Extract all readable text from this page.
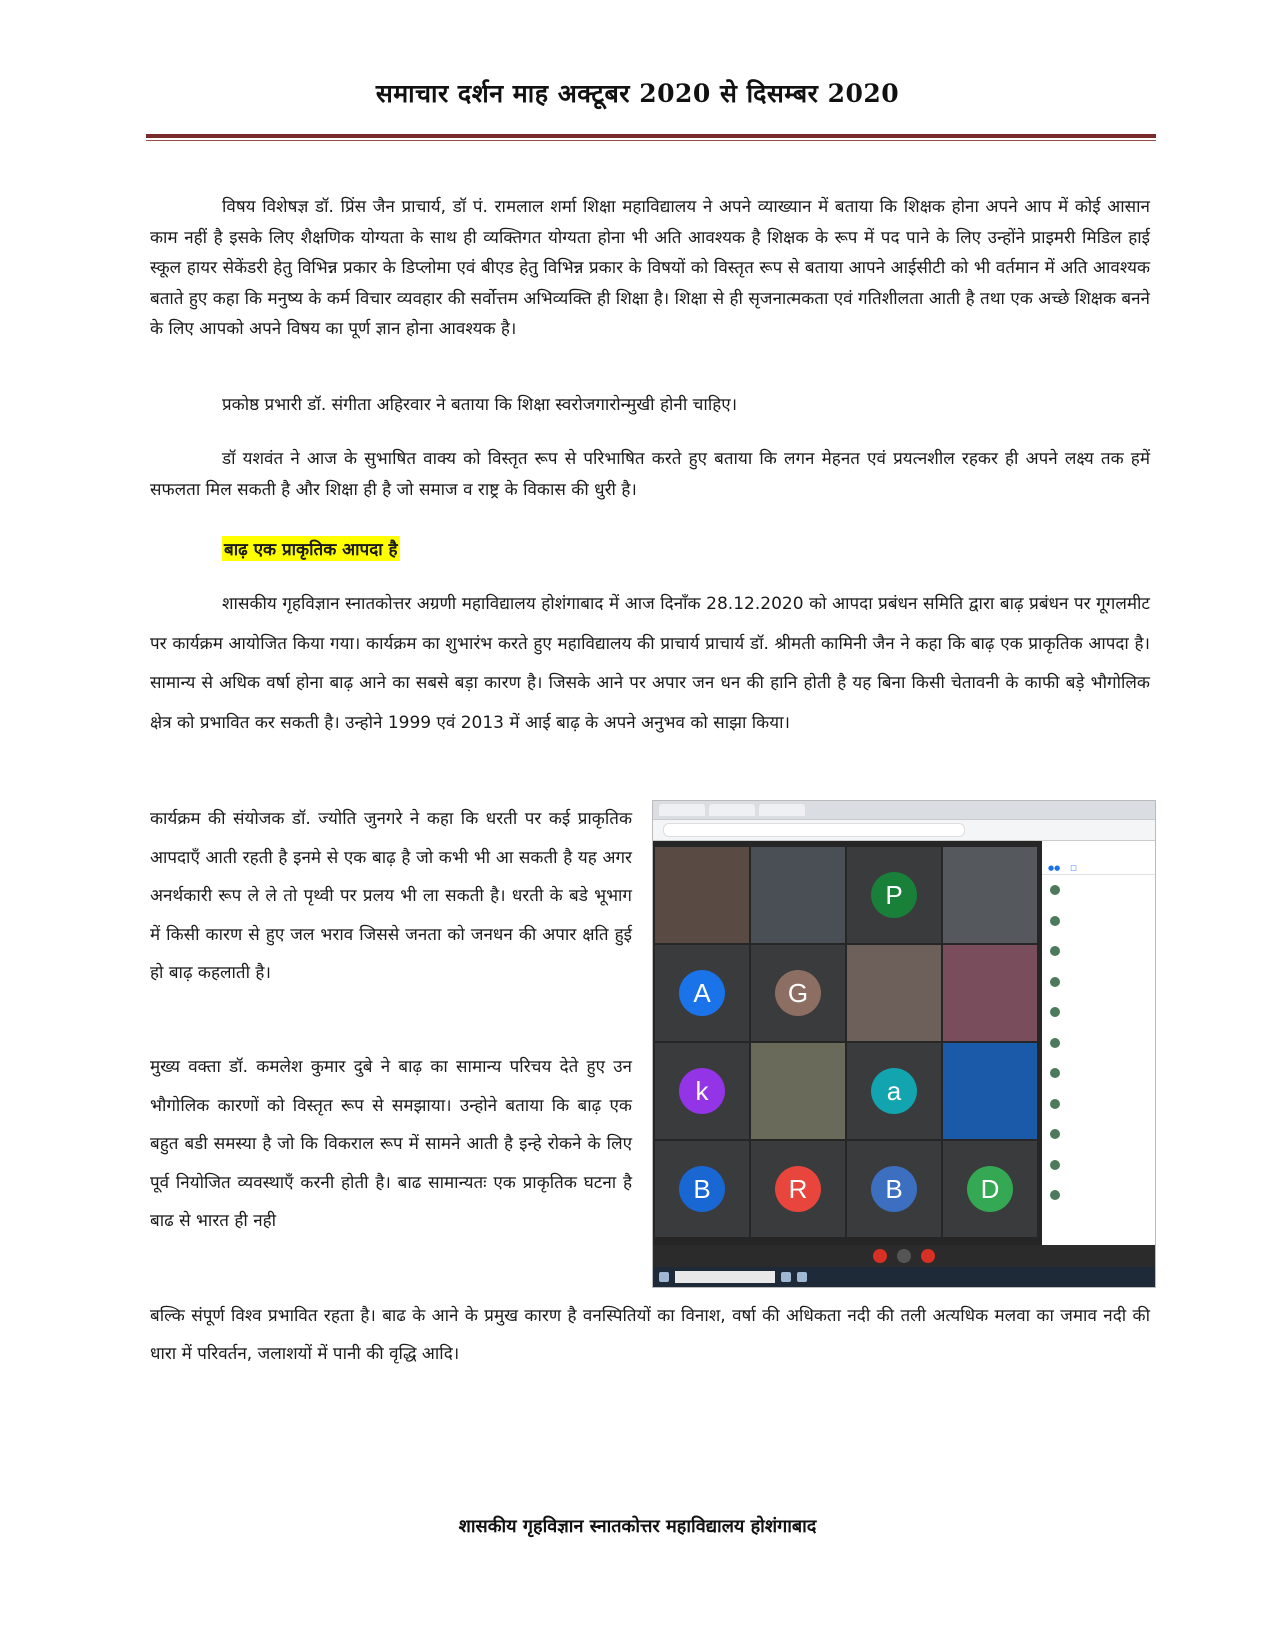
समाचार दर्शन माह अक्टूबर 2020 से दिसम्बर 2020

विषय विशेषज्ञ डॉ. प्रिंस जैन प्राचार्य, डॉ पं. रामलाल शर्मा शिक्षा महाविद्यालय ने अपने व्याख्यान में बताया कि शिक्षक होना अपने आप में कोई आसान काम नहीं है इसके लिए शैक्षणिक योग्यता के साथ ही व्यक्तिगत योग्यता होना भी अति आवश्यक है शिक्षक के रूप में पद पाने के लिए उन्होंने प्राइमरी मिडिल हाई स्कूल हायर सेकेंडरी हेतु विभिन्न प्रकार के डिप्लोमा एवं बीएड हेतु विभिन्न प्रकार के विषयों को विस्तृत रूप से बताया आपने आईसीटी को भी वर्तमान में अति आवश्यक बताते हुए कहा कि मनुष्य के कर्म विचार व्यवहार की सर्वोत्तम अभिव्यक्ति ही शिक्षा है। शिक्षा से ही सृजनात्मकता एवं गतिशीलता आती है तथा एक अच्छे शिक्षक बनने के लिए आपको अपने विषय का पूर्ण ज्ञान होना आवश्यक है।

प्रकोष्ठ प्रभारी डॉ. संगीता अहिरवार ने बताया कि शिक्षा स्वरोजगारोन्मुखी होनी चाहिए।

डॉ यशवंत ने आज के सुभाषित वाक्य को विस्तृत रूप से परिभाषित करते हुए बताया कि लगन मेहनत एवं प्रयत्नशील रहकर ही अपने लक्ष्य तक हमें सफलता मिल सकती है और शिक्षा ही है जो समाज व राष्ट्र के विकास की धुरी है।

बाढ़ एक प्राकृतिक आपदा है

शासकीय गृहविज्ञान स्नातकोत्तर अग्रणी महाविद्यालय होशंगाबाद में आज दिनाँक 28.12.2020 को आपदा प्रबंधन समिति द्वारा बाढ़ प्रबंधन पर गूगलमीट पर कार्यक्रम आयोजित किया गया। कार्यक्रम का शुभारंभ करते हुए महाविद्यालय की प्राचार्य प्राचार्य डॉ. श्रीमती कामिनी जैन ने कहा कि बाढ़ एक प्राकृतिक आपदा है। सामान्य से अधिक वर्षा होना बाढ़ आने का सबसे बड़ा कारण है। जिसके आने पर अपार जन धन की हानि होती है यह बिना किसी चेतावनी के काफी बड़े भौगोलिक क्षेत्र को प्रभावित कर सकती है। उन्होने 1999 एवं 2013 में आई बाढ़ के अपने अनुभव को साझा किया।

कार्यक्रम की संयोजक डॉ. ज्योति जुनगरे ने कहा कि धरती पर कई प्राकृतिक आपदाएँ आती रहती है इनमे से एक बाढ़ है जो कभी भी आ सकती है यह अगर अनर्थकारी रूप ले ले तो पृथ्वी पर प्रलय भी ला सकती है। धरती के बडे भूभाग में किसी कारण से हुए जल भराव जिससे जनता को जनधन की अपार क्षति हुई हो बाढ़ कहलाती है।

मुख्य वक्ता डॉ. कमलेश कुमार दुबे ने बाढ़ का सामान्य परिचय देते हुए उन भौगोलिक कारणों को विस्तृत रूप से समझाया। उन्होने बताया कि बाढ़ एक बहुत बडी समस्या है जो कि विकराल रूप में सामने आती है इन्हे रोकने के लिए पूर्व नियोजित व्यवस्थाएँ करनी होती है। बाढ सामान्यतः एक प्राकृतिक घटना है बाढ से भारत ही नही

बल्कि संपूर्ण विश्व प्रभावित रहता है। बाढ के आने के प्रमुख कारण है वनस्पितियों का विनाश, वर्षा की अधिकता नदी की तली अत्यधिक मलवा का जमाव नदी की धारा में परिवर्तन, जलाशयों में पानी की वृद्धि आदि।

P
A	G
k	a
B	R	B	D

●● □
शासकीय गृहविज्ञान स्नातकोत्तर महाविद्यालय होशंगाबाद
